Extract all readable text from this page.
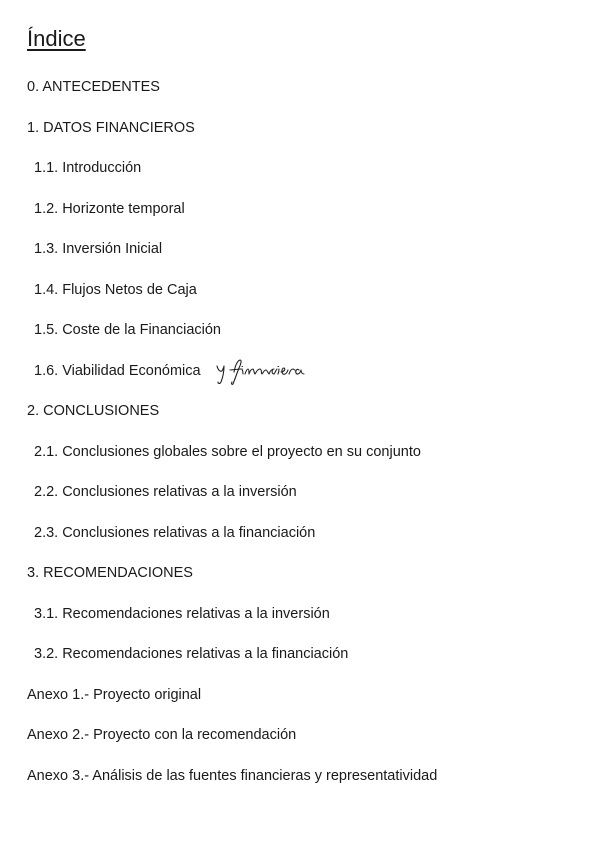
Índice
0. ANTECEDENTES
1. DATOS FINANCIEROS
1.1. Introducción
1.2. Horizonte temporal
1.3. Inversión Inicial
1.4. Flujos Netos de Caja
1.5. Coste de la Financiación
1.6. Viabilidad Económica
2. CONCLUSIONES
2.1. Conclusiones globales sobre el proyecto en su conjunto
2.2. Conclusiones relativas a la inversión
2.3. Conclusiones relativas a la financiación
3. RECOMENDACIONES
3.1. Recomendaciones relativas a la inversión
3.2. Recomendaciones relativas a la financiación
Anexo 1.- Proyecto original
Anexo 2.- Proyecto con la recomendación
Anexo 3.- Análisis de las fuentes financieras y representatividad
